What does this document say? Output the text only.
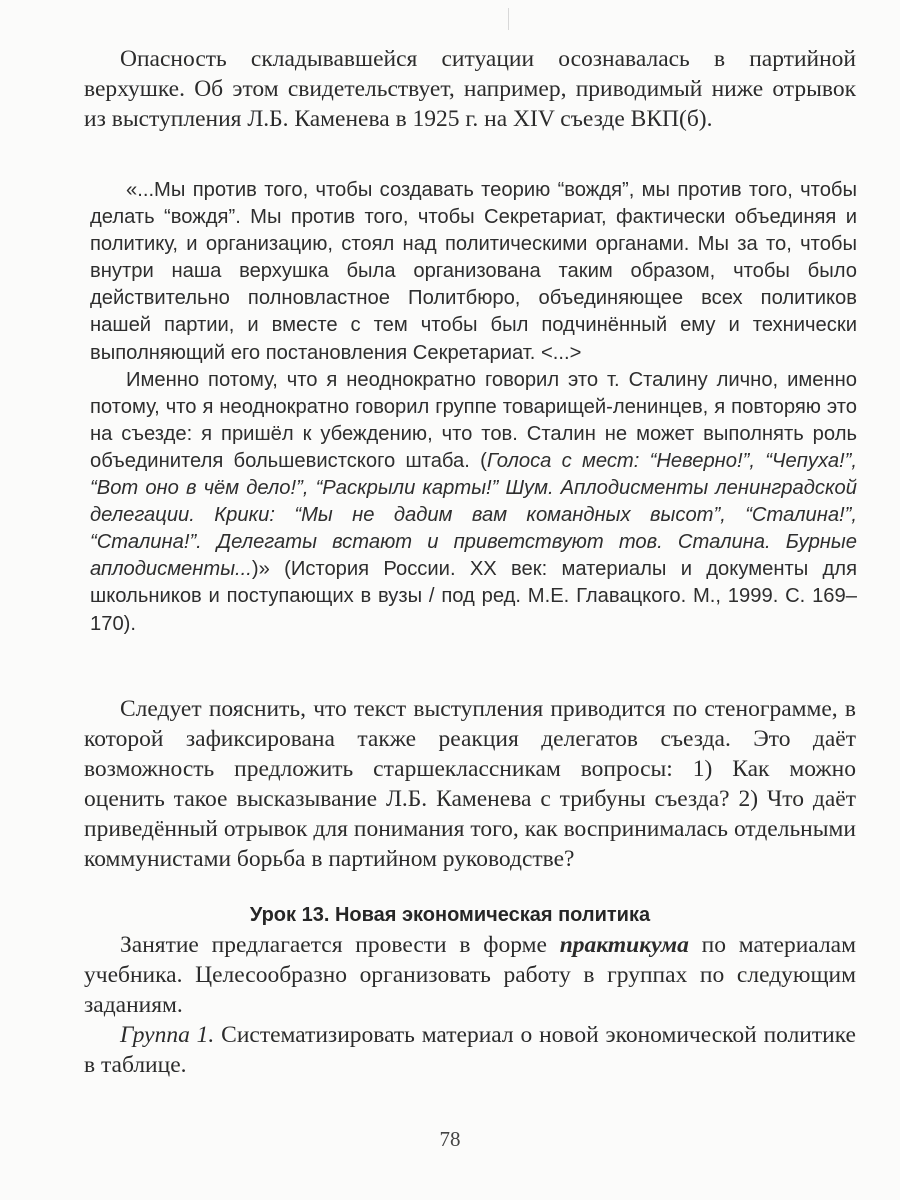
Опасность складывавшейся ситуации осознавалась в партийной верхушке. Об этом свидетельствует, например, приводимый ниже отрывок из выступления Л.Б. Каменева в 1925 г. на XIV съезде ВКП(б).

«...Мы против того, чтобы создавать теорию “вождя”, мы против того, чтобы делать “вождя”. Мы против того, чтобы Секретариат, фактически объединяя и политику, и организацию, стоял над политическими органами. Мы за то, чтобы внутри наша верхушка была организована таким образом, чтобы было действительно полновластное Политбюро, объединяющее всех политиков нашей партии, и вместе с тем чтобы был подчинённый ему и технически выполняющий его постановления Секретариат. <...>

Именно потому, что я неоднократно говорил это т. Сталину лично, именно потому, что я неоднократно говорил группе товарищей-ленинцев, я повторяю это на съезде: я пришёл к убеждению, что тов. Сталин не может выполнять роль объединителя большевистского штаба. (Голоса с мест: “Неверно!”, “Чепуха!”, “Вот оно в чём дело!”, “Раскрыли карты!” Шум. Аплодисменты ленинградской делегации. Крики: “Мы не дадим вам командных высот”, “Сталина!”, “Сталина!”. Делегаты встают и приветствуют тов. Сталина. Бурные аплодисменты...)» (История России. XX век: материалы и документы для школьников и поступающих в вузы / под ред. М.Е. Главацкого. М., 1999. С. 169–170).

Следует пояснить, что текст выступления приводится по стенограмме, в которой зафиксирована также реакция делегатов съезда. Это даёт возможность предложить старшеклассникам вопросы: 1) Как можно оценить такое высказывание Л.Б. Каменева с трибуны съезда? 2) Что даёт приведённый отрывок для понимания того, как воспринималась отдельными коммунистами борьба в партийном руководстве?

Урок 13. Новая экономическая политика

Занятие предлагается провести в форме практикума по материалам учебника. Целесообразно организовать работу в группах по следующим заданиям.

Группа 1. Систематизировать материал о новой экономической политике в таблице.

78
